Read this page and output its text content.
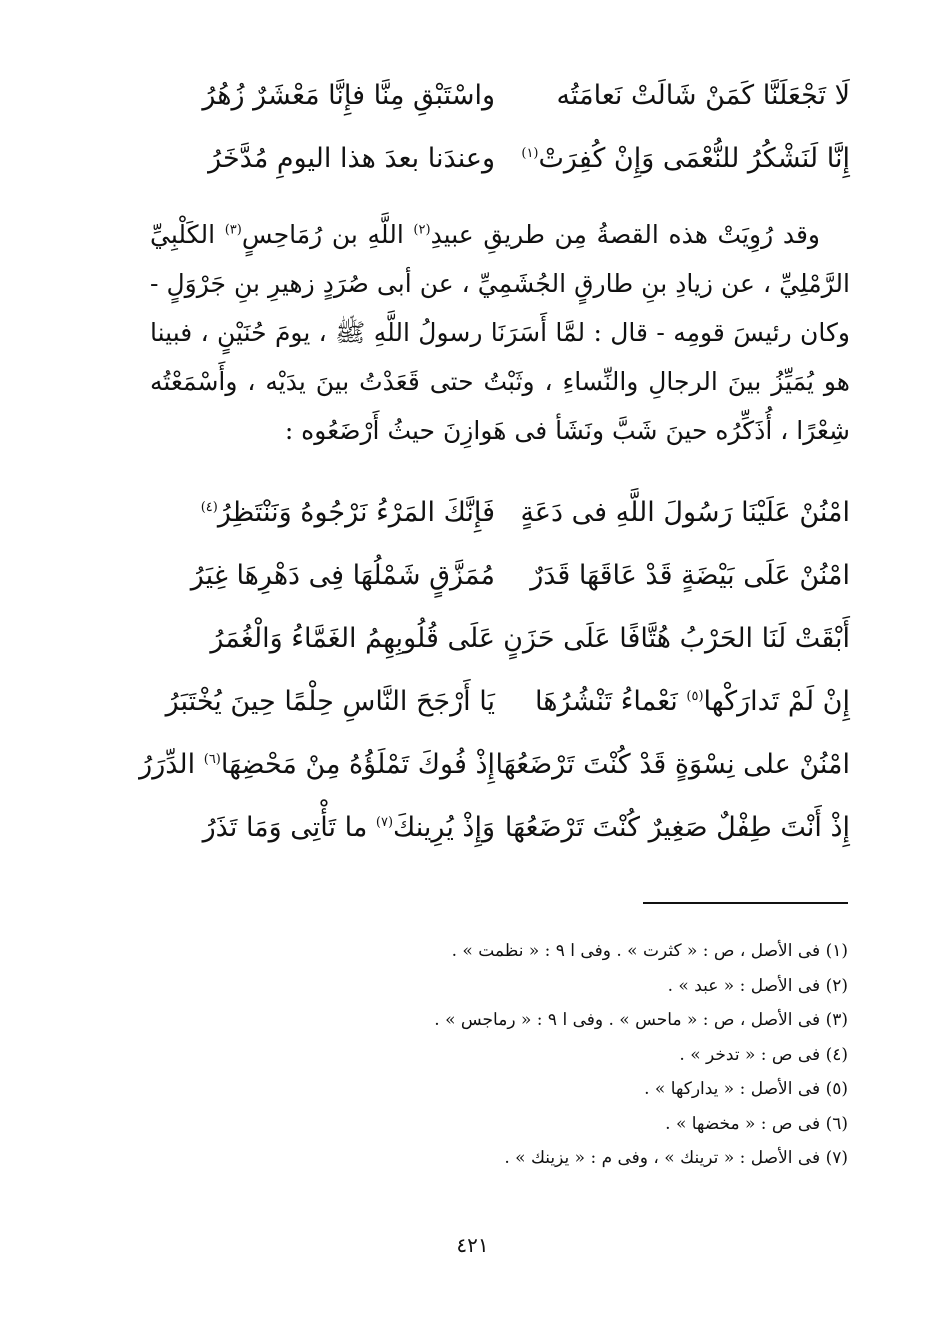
لَا تَجْعَلَنَّا كَمَنْ شَالَتْ نَعامَتُه
واسْتَبْقِ مِنَّا فإِنَّا مَعْشَرٌ زُهُرُ
إِنَّا لَنَشْكُرُ للنُّعْمَى وَإِنْ كُفِرَتْ$^{(١)}$
وعندَنا بعدَ هذا اليومِ مُدَّخَرُ

وقد رُوِيَتْ هذه القصةُ مِن طريقِ عبيدِ$^{(٢)}$ اللَّهِ بن رُمَاحِسٍ$^{(٣)}$ الكَلْبِيِّ الرَّمْلِيِّ ، عن زيادِ بنِ طارقٍ الجُشَمِيِّ ، عن أبى صُرَدٍ زهيرِ بنِ جَرْوَلٍ - وكان رئيسَ قومِه - قال : لمَّا أَسَرَنَا رسولُ اللَّهِ ﷺ ، يومَ حُنَيْنٍ ، فبينا هو يُمَيِّزُ بينَ الرجالِ والنِّساءِ ، وثَبْتُ حتى قَعَدْتُ بينَ يدَيْه ، وأَسْمَعْتُه شِعْرًا ، أُذَكِّرُه حينَ شَبَّ ونَشَأ فى هَوازِنَ حيثُ أَرْضَعُوه :

امْنُنْ عَلَيْنَا رَسُولَ اللَّهِ فى دَعَةٍ
فَإِنَّكَ المَرْءُ نَرْجُوهُ وَنَنْتَظِرُ$^{(٤)}$
امْنُنْ عَلَى بَيْضَةٍ قَدْ عَاقَهَا قَدَرٌ
مُمَزَّقٍ شَمْلُهَا فِى دَهْرِهَا غِيَرُ
أَبْقَتْ لَنَا الحَرْبُ هُتَّافًا عَلَى حَزَنٍ
عَلَى قُلُوبِهِمُ الغَمَّاءُ وَالْغُمَرُ
إِنْ لَمْ تَدارَكْها$^{(٥)}$ نَعْماءُ تَنْشُرُهَا
يَا أَرْجَحَ النَّاسِ حِلْمًا حِينَ يُخْتَبَرُ
امْنُنْ على نِسْوَةٍ قَدْ كُنْتَ تَرْضَعُهَا
إِذْ فُوكَ تَمْلَؤُهُ مِنْ مَحْضِهَا$^{(٦)}$ الدِّرَرُ
إِذْ أَنْتَ طِفْلٌ صَغِيرٌ كُنْتَ تَرْضَعُهَا
وَإِذْ يُرِينكَ$^{(٧)}$ ما تَأْتِى وَمَا تَذَرُ
(١) فى الأصل ، ص : « كثرت » . وفى ا ٩ : « نظمت » .
(٢) فى الأصل : « عبد » .
(٣) فى الأصل ، ص : « ماحس » . وفى ا ٩ : « رماجس » .
(٤) فى ص : « تدخر » .
(٥) فى الأصل : « يداركها » .
(٦) فى ص : « مخضها » .
(٧) فى الأصل : « ترينك » ، وفى م : « يزينك » .
٤٢١
